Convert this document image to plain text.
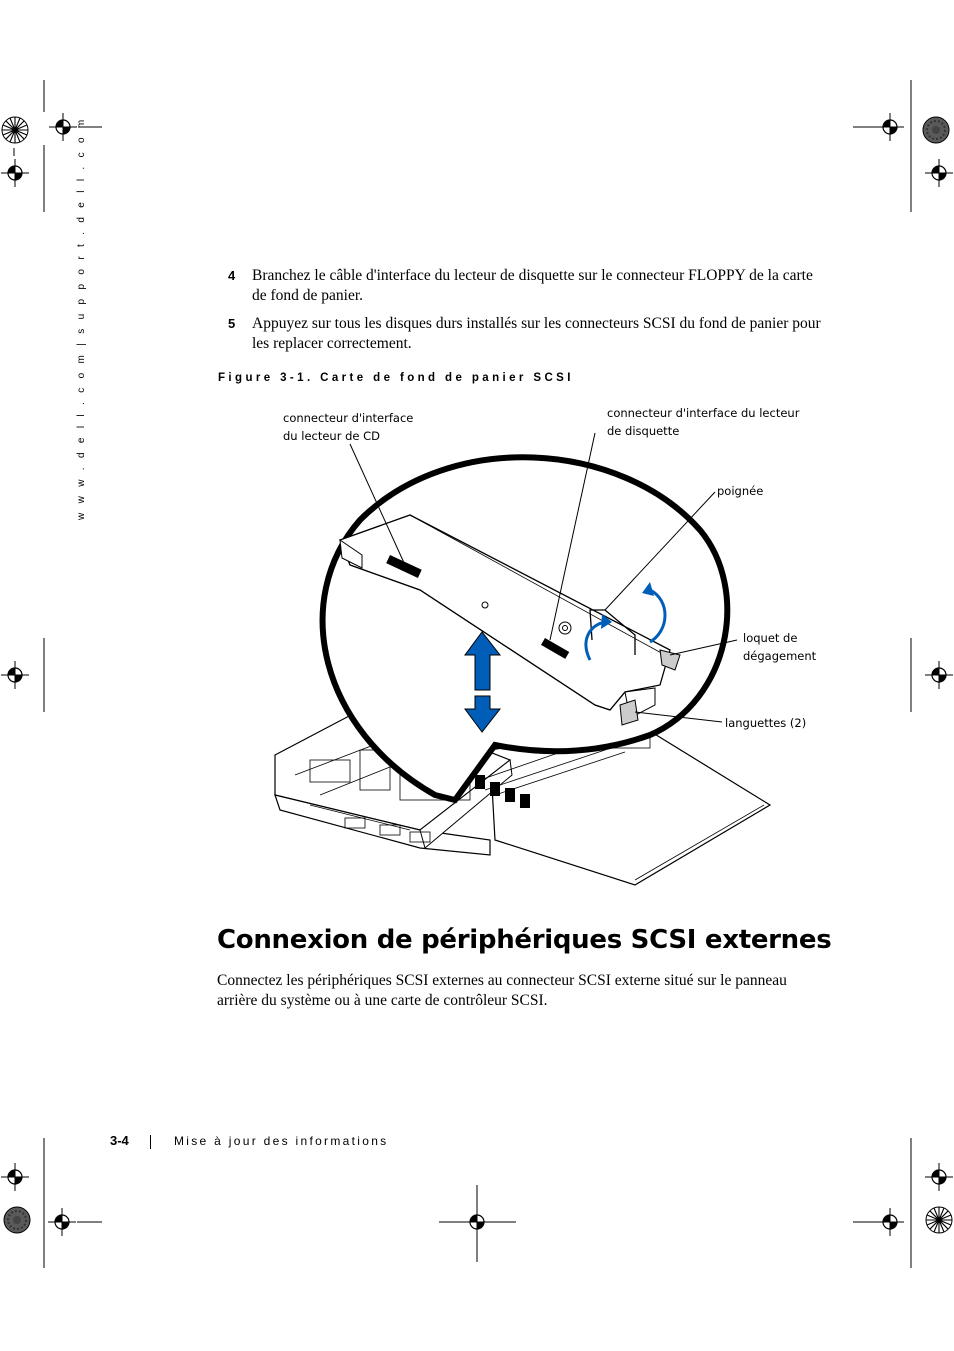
w w w . d e l l . c o m | s u p p o r t . d e l l . c o m	4 Branchez le câble d'interface du lecteur de disquette sur le connecteur FLOPPY de la carte de fond de panier.
5 Appuyez sur tous les disques durs installés sur les connecteurs SCSI du fond de panier pour les replacer correctement.
Figure 3-1. Carte de fond de panier SCSI
connecteur d'interface
du lecteur de CD
connecteur d'interface du lecteur
de disquette
poignée
loquet de
dégagement
languettes (2)
Connexion de périphériques SCSI externes

Connectez les périphériques SCSI externes au connecteur SCSI externe situé sur le panneau arrière du système ou à une carte de contrôleur SCSI.

3-4	Mise à jour des informations
